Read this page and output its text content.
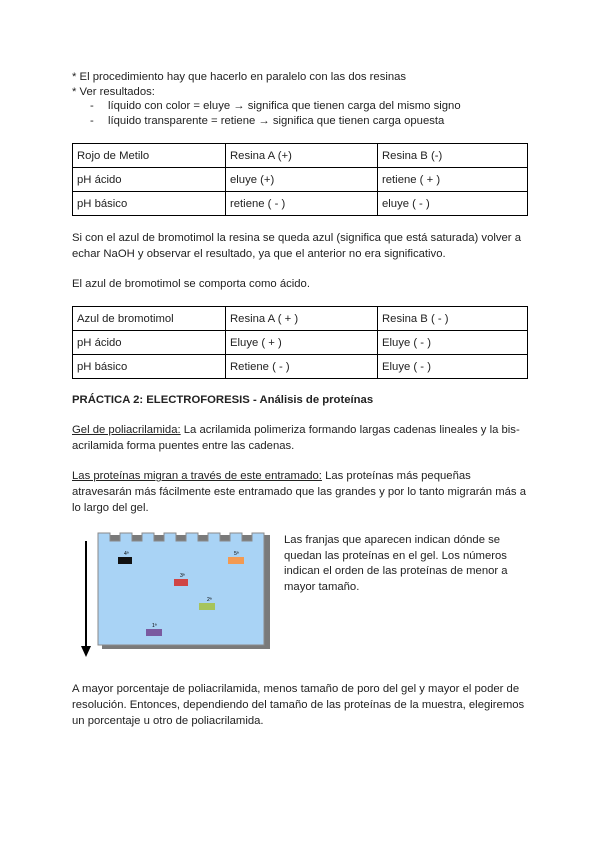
* El procedimiento hay que hacerlo en paralelo con las dos resinas
* Ver resultados:
-	líquido con color = eluye → significa que tienen carga del mismo signo
-	líquido transparente = retiene → significa que tienen carga opuesta
Rojo de Metilo	Resina A (+)	Resina B (-)
pH ácido	eluye (+)	retiene ( + )
pH básico	retiene ( - )	eluye ( - )
Si con el azul de bromotimol la resina se queda azul (significa que está saturada) volver a echar NaOH y observar el resultado, ya que el anterior no era significativo.
El azul de bromotimol se comporta como ácido.
Azul de bromotimol	Resina A ( + )	Resina B ( - )
pH ácido	Eluye ( + )	Eluye ( - )
pH básico	Retiene ( - )	Eluye ( - )
PRÁCTICA 2: ELECTROFORESIS - Análisis de proteínas
Gel de poliacrilamida: La acrilamida polimeriza formando largas cadenas lineales y la bis-acrilamida forma puentes entre las cadenas.
Las proteínas migran a través de este entramado: Las proteínas más pequeñas atravesarán más fácilmente este entramado que las grandes y por lo tanto migrarán más a lo largo del gel.
4ª	5ª
3ª
2ª
1ª
Las franjas que aparecen indican dónde se quedan las proteínas en el gel. Los números indican el orden de las proteínas de menor a mayor tamaño.
A mayor porcentaje de poliacrilamida, menos tamaño de poro del gel y mayor el poder de resolución. Entonces, dependiendo del tamaño de las proteínas de la muestra, elegiremos un porcentaje u otro de poliacrilamida.
